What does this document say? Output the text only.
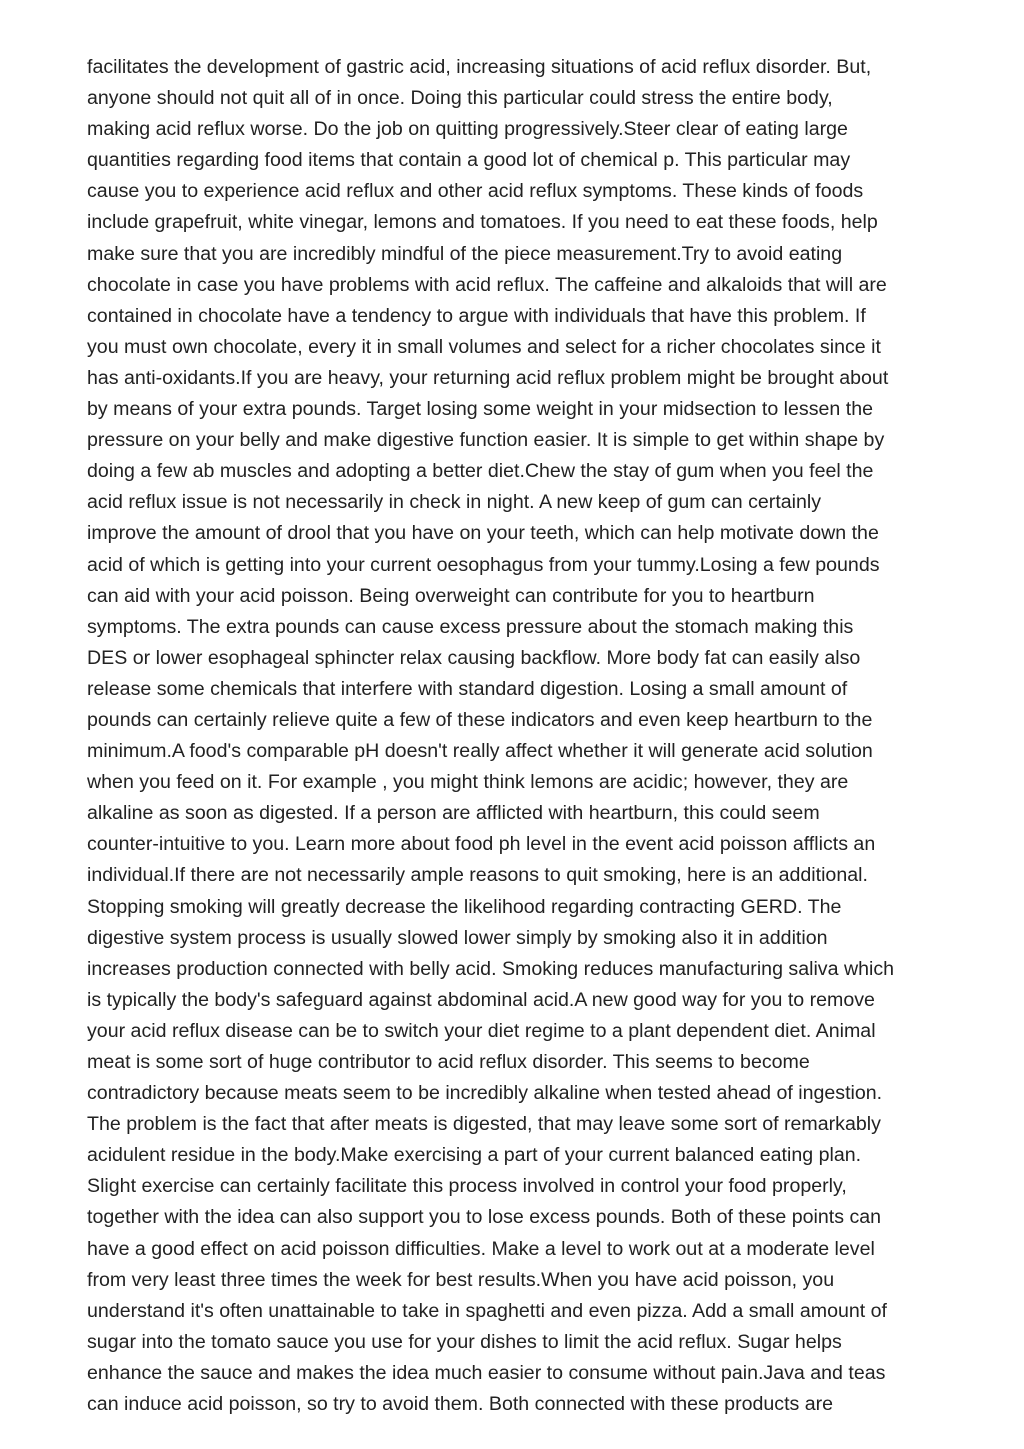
facilitates the development of gastric acid, increasing situations of acid reflux disorder. But,
anyone should not quit all of in once. Doing this particular could stress the entire body,
making acid reflux worse. Do the job on quitting progressively.Steer clear of eating large
quantities regarding food items that contain a good lot of chemical p. This particular may
cause you to experience acid reflux and other acid reflux symptoms. These kinds of foods
include grapefruit, white vinegar, lemons and tomatoes. If you need to eat these foods, help
make sure that you are incredibly mindful of the piece measurement.Try to avoid eating
chocolate in case you have problems with acid reflux. The caffeine and alkaloids that will are
contained in chocolate have a tendency to argue with individuals that have this problem. If
you must own chocolate, every it in small volumes and select for a richer chocolates since it
has anti-oxidants.If you are heavy, your returning acid reflux problem might be brought about
by means of your extra pounds. Target losing some weight in your midsection to lessen the
pressure on your belly and make digestive function easier. It is simple to get within shape by
doing a few ab muscles and adopting a better diet.Chew the stay of gum when you feel the
acid reflux issue is not necessarily in check in night. A new keep of gum can certainly
improve the amount of drool that you have on your teeth, which can help motivate down the
acid of which is getting into your current oesophagus from your tummy.Losing a few pounds
can aid with your acid poisson. Being overweight can contribute for you to heartburn
symptoms. The extra pounds can cause excess pressure about the stomach making this
DES or lower esophageal sphincter relax causing backflow. More body fat can easily also
release some chemicals that interfere with standard digestion. Losing a small amount of
pounds can certainly relieve quite a few of these indicators and even keep heartburn to the
minimum.A food's comparable pH doesn't really affect whether it will generate acid solution
when you feed on it. For example , you might think lemons are acidic; however, they are
alkaline as soon as digested. If a person are afflicted with heartburn, this could seem
counter-intuitive to you. Learn more about food ph level in the event acid poisson afflicts an
individual.If there are not necessarily ample reasons to quit smoking, here is an additional.
Stopping smoking will greatly decrease the likelihood regarding contracting GERD. The
digestive system process is usually slowed lower simply by smoking also it in addition
increases production connected with belly acid. Smoking reduces manufacturing saliva which
is typically the body's safeguard against abdominal acid.A new good way for you to remove
your acid reflux disease can be to switch your diet regime to a plant dependent diet. Animal
meat is some sort of huge contributor to acid reflux disorder. This seems to become
contradictory because meats seem to be incredibly alkaline when tested ahead of ingestion.
The problem is the fact that after meats is digested, that may leave some sort of remarkably
acidulent residue in the body.Make exercising a part of your current balanced eating plan.
Slight exercise can certainly facilitate this process involved in control your food properly,
together with the idea can also support you to lose excess pounds. Both of these points can
have a good effect on acid poisson difficulties. Make a level to work out at a moderate level
from very least three times the week for best results.When you have acid poisson, you
understand it's often unattainable to take in spaghetti and even pizza. Add a small amount of
sugar into the tomato sauce you use for your dishes to limit the acid reflux. Sugar helps
enhance the sauce and makes the idea much easier to consume without pain.Java and teas
can induce acid poisson, so try to avoid them. Both connected with these products are
